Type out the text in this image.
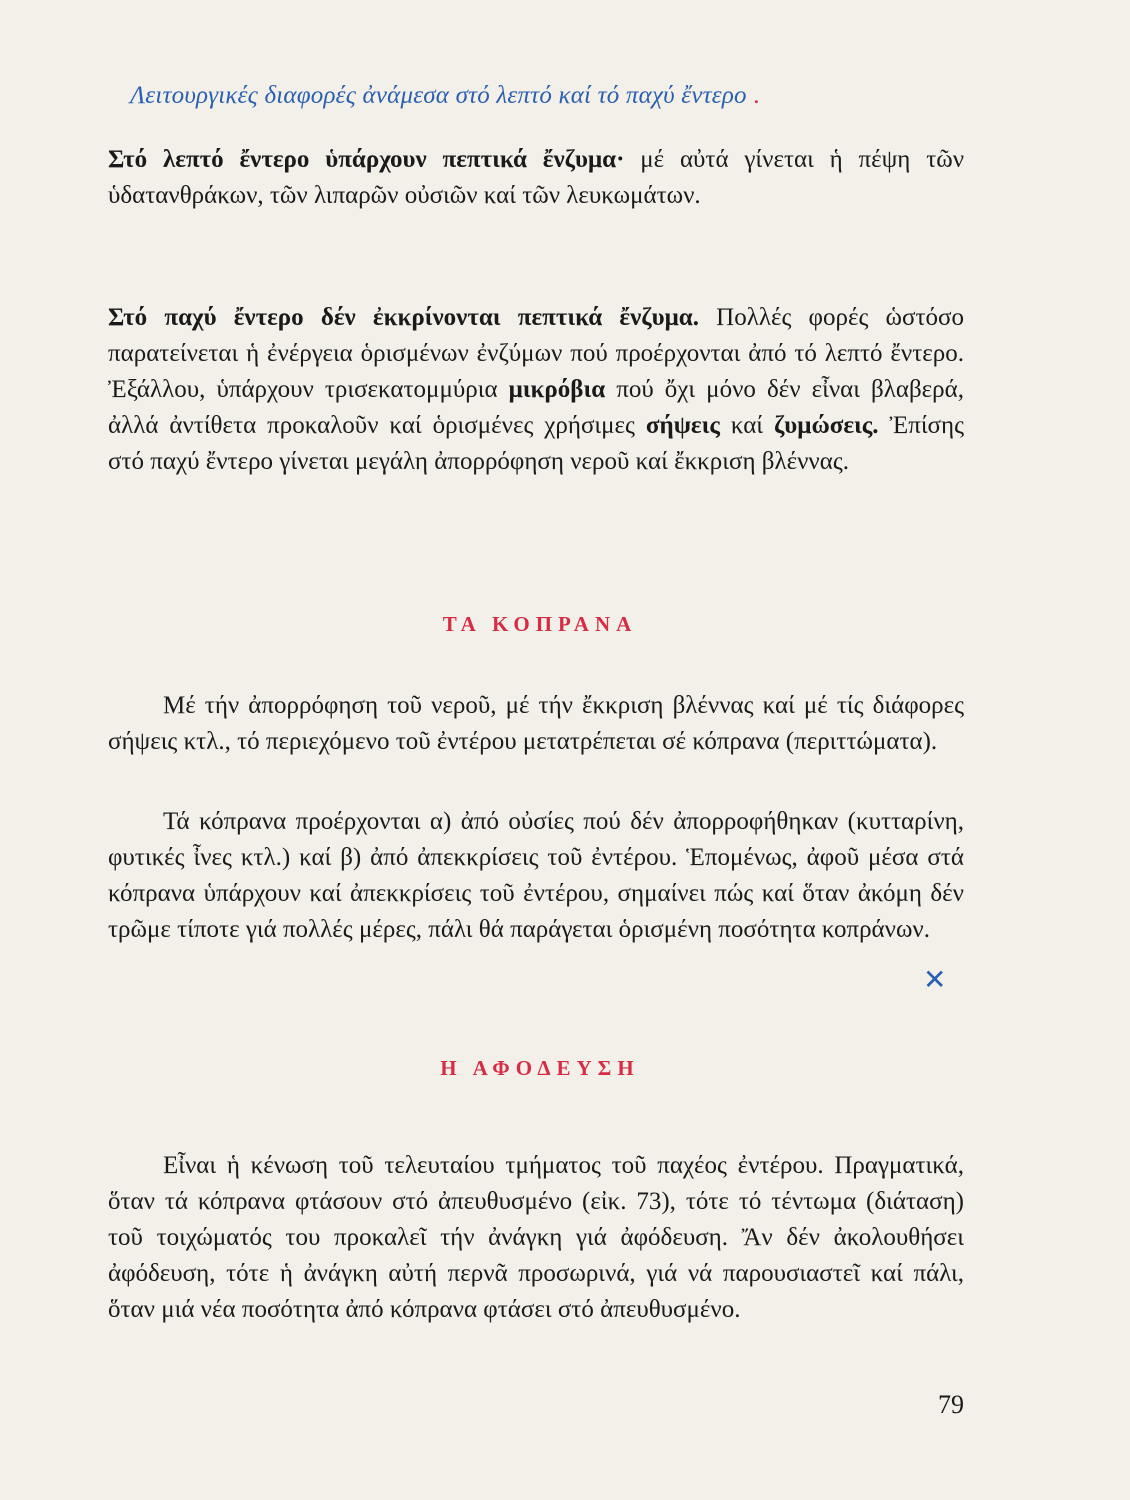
Λειτουργικές διαφορές ἀνάμεσα στό λεπτό καί τό παχύ ἔντερο .

Στό λεπτό ἔντερο ὑπάρχουν πεπτικά ἔνζυμα· μέ αὐτά γίνεται ἡ πέψη τῶν ὑδατανθράκων, τῶν λιπαρῶν οὐσιῶν καί τῶν λευκωμάτων.

Στό παχύ ἔντερο δέν ἐκκρίνονται πεπτικά ἔνζυμα. Πολλές φορές ὡστόσο παρατείνεται ἡ ἐνέργεια ὁρισμένων ἐνζύμων πού προέρχονται ἀπό τό λεπτό ἔντερο. Ἐξάλλου, ὑπάρχουν τρισεκατομμύρια μικρόβια πού ὄχι μόνο δέν εἶναι βλαβερά, ἀλλά ἀντίθετα προκαλοῦν καί ὁρισμένες χρήσιμες σήψεις καί ζυμώσεις. Ἐπίσης στό παχύ ἔντερο γίνεται μεγάλη ἀπορρόφηση νεροῦ καί ἔκκριση βλέννας.

ΤΑ ΚΟΠΡΑΝΑ

Μέ τήν ἀπορρόφηση τοῦ νεροῦ, μέ τήν ἔκκριση βλέννας καί μέ τίς διάφορες σήψεις κτλ., τό περιεχόμενο τοῦ ἐντέρου μετατρέπεται σέ κόπρανα (περιττώματα).

Τά κόπρανα προέρχονται α) ἀπό οὐσίες πού δέν ἀπορροφήθηκαν (κυτταρίνη, φυτικές ἶνες κτλ.) καί β) ἀπό ἀπεκκρίσεις τοῦ ἐντέρου. Ἑπομένως, ἀφοῦ μέσα στά κόπρανα ὑπάρχουν καί ἀπεκκρίσεις τοῦ ἐντέρου, σημαίνει πώς καί ὅταν ἀκόμη δέν τρῶμε τίποτε γιά πολλές μέρες, πάλι θά παράγεται ὁρισμένη ποσότητα κοπράνων.

✕
Η ΑΦΟΔΕΥΣΗ

Εἶναι ἡ κένωση τοῦ τελευταίου τμήματος τοῦ παχέος ἐντέρου. Πραγματικά, ὅταν τά κόπρανα φτάσουν στό ἀπευθυσμένο (εἰκ. 73), τότε τό τέντωμα (διάταση) τοῦ τοιχώματός του προκαλεῖ τήν ἀνάγκη γιά ἀφόδευση. Ἄν δέν ἀκολουθήσει ἀφόδευση, τότε ἡ ἀνάγκη αὐτή περνᾶ προσωρινά, γιά νά παρουσιαστεῖ καί πάλι, ὅταν μιά νέα ποσότητα ἀπό κόπρανα φτάσει στό ἀπευθυσμένο.

79
